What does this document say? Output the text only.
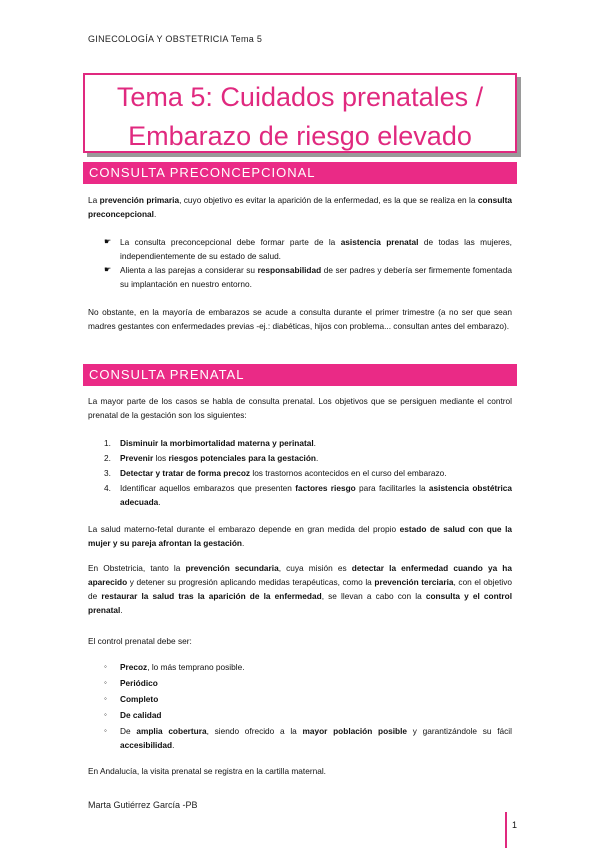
GINECOLOGÍA Y OBSTETRICIA Tema 5
Tema 5: Cuidados prenatales /
Embarazo de riesgo elevado
CONSULTA PRECONCEPCIONAL
La prevención primaria, cuyo objetivo es evitar la aparición de la enfermedad, es la que se realiza en la consulta preconcepcional.
☛ La consulta preconcepcional debe formar parte de la asistencia prenatal de todas las mujeres, independientemente de su estado de salud.
☛ Alienta a las parejas a considerar su responsabilidad de ser padres y debería ser firmemente fomentada su implantación en nuestro entorno.
No obstante, en la mayoría de embarazos se acude a consulta durante el primer trimestre (a no ser que sean madres gestantes con enfermedades previas -ej.: diabéticas, hijos con problema... consultan antes del embarazo).
CONSULTA PRENATAL
La mayor parte de los casos se habla de consulta prenatal. Los objetivos que se persiguen mediante el control prenatal de la gestación son los siguientes:
1. Disminuir la morbimortalidad materna y perinatal.
2. Prevenir los riesgos potenciales para la gestación.
3. Detectar y tratar de forma precoz los trastornos acontecidos en el curso del embarazo.
4. Identificar aquellos embarazos que presenten factores riesgo para facilitarles la asistencia obstétrica adecuada.
La salud materno-fetal durante el embarazo depende en gran medida del propio estado de salud con que la mujer y su pareja afrontan la gestación.
En Obstetricia, tanto la prevención secundaria, cuya misión es detectar la enfermedad cuando ya ha aparecido y detener su progresión aplicando medidas terapéuticas, como la prevención terciaria, con el objetivo de restaurar la salud tras la aparición de la enfermedad, se llevan a cabo con la consulta y el control prenatal.
El control prenatal debe ser:
◦ Precoz, lo más temprano posible.
◦ Periódico
◦ Completo
◦ De calidad
◦ De amplia cobertura, siendo ofrecido a la mayor población posible y garantizándole su fácil accesibilidad.
En Andalucía, la visita prenatal se registra en la cartilla maternal.
Marta Gutiérrez García -PB
1
